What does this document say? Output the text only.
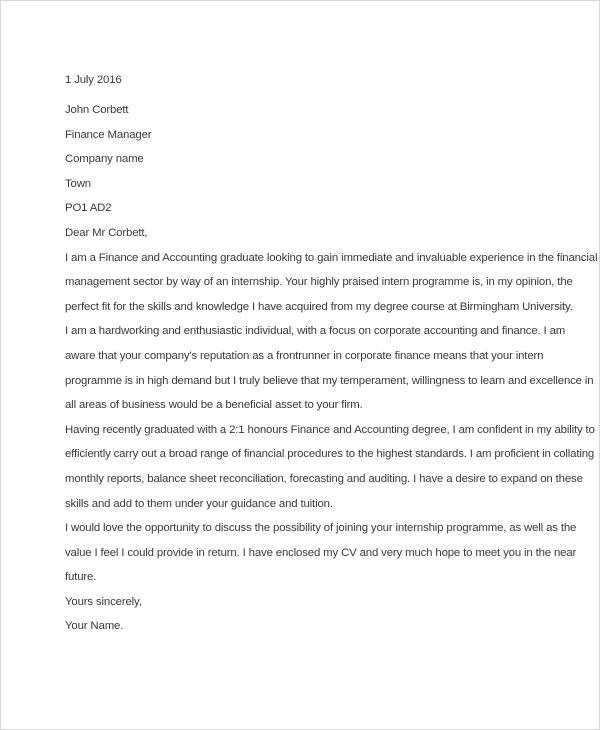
1 July 2016
John Corbett
Finance Manager
Company name
Town
PO1 AD2
Dear Mr Corbett,
I am a Finance and Accounting graduate looking to gain immediate and invaluable experience in the financial
management sector by way of an internship. Your highly praised intern programme is, in my opinion, the
perfect fit for the skills and knowledge I have acquired from my degree course at Birmingham University.
I am a hardworking and enthusiastic individual, with a focus on corporate accounting and finance. I am
aware that your company's reputation as a frontrunner in corporate finance means that your intern
programme is in high demand but I truly believe that my temperament, willingness to learn and excellence in
all areas of business would be a beneficial asset to your firm.
Having recently graduated with a 2:1 honours Finance and Accounting degree, I am confident in my ability to
efficiently carry out a broad range of financial procedures to the highest standards. I am proficient in collating
monthly reports, balance sheet reconciliation, forecasting and auditing. I have a desire to expand on these
skills and add to them under your guidance and tuition.
I would love the opportunity to discuss the possibility of joining your internship programme, as well as the
value I feel I could provide in return. I have enclosed my CV and very much hope to meet you in the near
future.
Yours sincerely,
Your Name.
